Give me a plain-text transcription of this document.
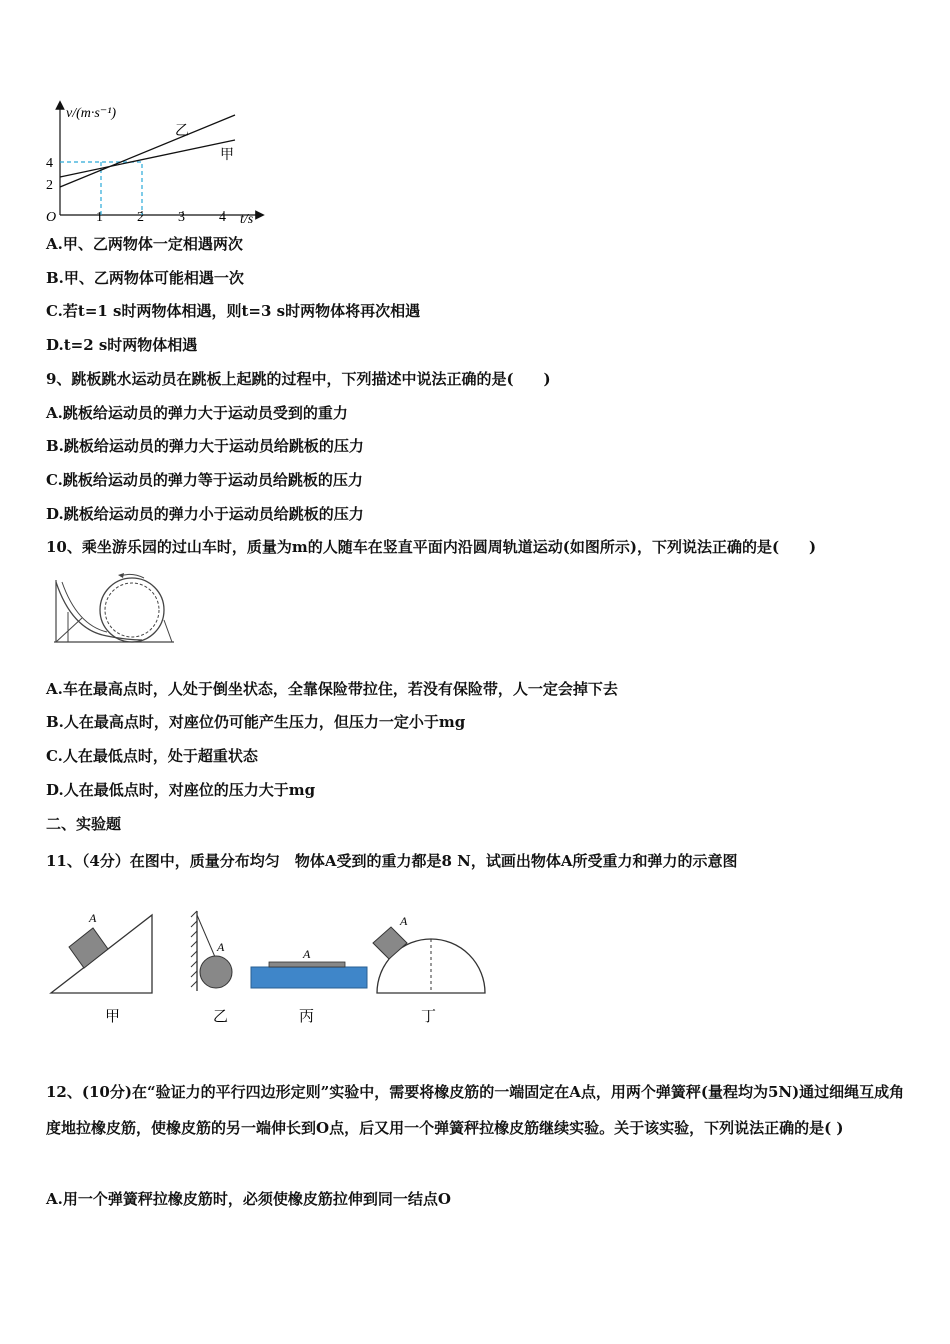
v/(m·s⁻¹)
t/s
O
4
2
1 2 3 4
乙
甲
A.甲、乙两物体一定相遇两次
B.甲、乙两物体可能相遇一次
C.若t=1 s时两物体相遇，则t=3 s时两物体将再次相遇
D.t=2 s时两物体相遇
9、跳板跳水运动员在跳板上起跳的过程中，下列描述中说法正确的是(　　)
A.跳板给运动员的弹力大于运动员受到的重力
B.跳板给运动员的弹力大于运动员给跳板的压力
C.跳板给运动员的弹力等于运动员给跳板的压力
D.跳板给运动员的弹力小于运动员给跳板的压力
10、乘坐游乐园的过山车时，质量为m的人随车在竖直平面内沿圆周轨道运动(如图所示)，下列说法正确的是(　　)
A.车在最高点时，人处于倒坐状态，全靠保险带拉住，若没有保险带，人一定会掉下去
B.人在最高点时，对座位仍可能产生压力，但压力一定小于mg
C.人在最低点时，处于超重状态
D.人在最低点时，对座位的压力大于mg
二、实验题
11、（4分）在图中，质量分布均匀　物体A受到的重力都是8 N，试画出物体A所受重力和弹力的示意图
A
甲
A
乙
A
丙
A
丁
12、(10分)在“验证力的平行四边形定则”实验中，需要将橡皮筋的一端固定在A点，用两个弹簧秤(量程均为5N)通过细绳互成角度地拉橡皮筋，使橡皮筋的另一端伸长到O点，后又用一个弹簧秤拉橡皮筋继续实验。关于该实验，下列说法正确的是( )
A.用一个弹簧秤拉橡皮筋时，必须使橡皮筋拉伸到同一结点O
